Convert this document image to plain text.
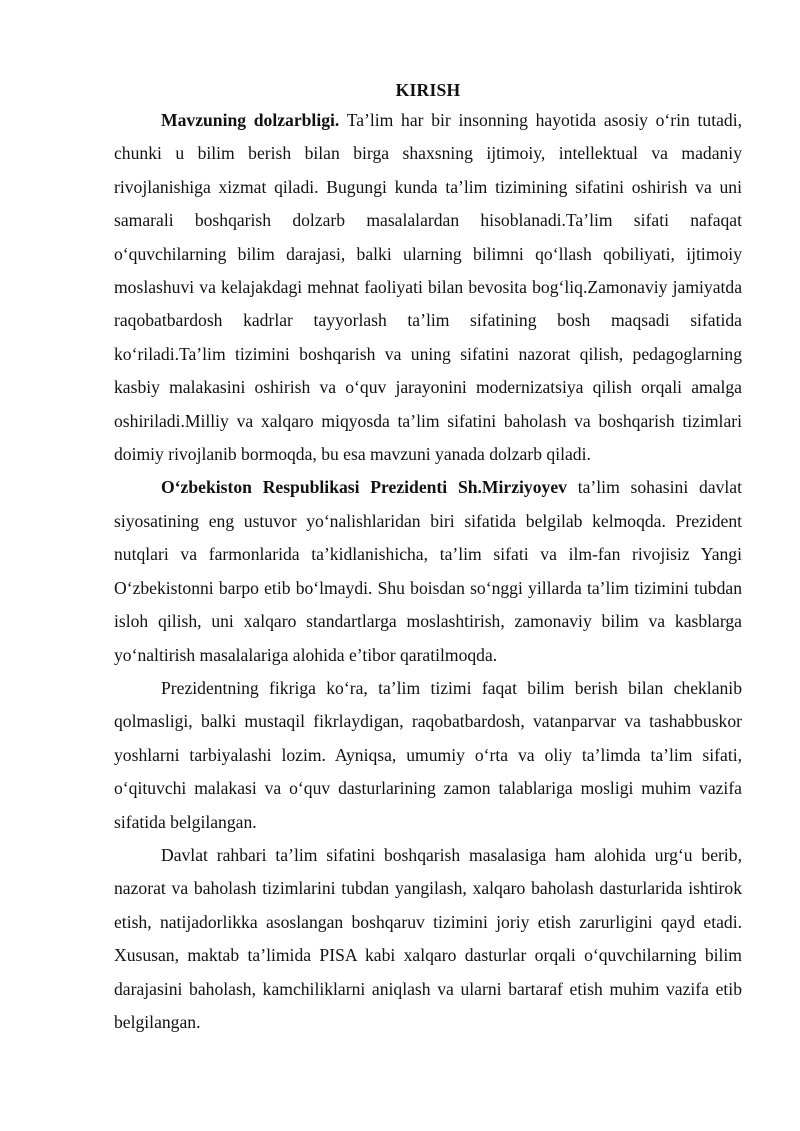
KIRISH

Mavzuning dolzarbligi. Ta’lim har bir insonning hayotida asosiy o‘rin tutadi, chunki u bilim berish bilan birga shaxsning ijtimoiy, intellektual va madaniy rivojlanishiga xizmat qiladi. Bugungi kunda ta’lim tizimining sifatini oshirish va uni samarali boshqarish dolzarb masalalardan hisoblanadi.Ta’lim sifati nafaqat o‘quvchilarning bilim darajasi, balki ularning bilimni qo‘llash qobiliyati, ijtimoiy moslashuvi va kelajakdagi mehnat faoliyati bilan bevosita bog‘liq.Zamonaviy jamiyatda raqobatbardosh kadrlar tayyorlash ta’lim sifatining bosh maqsadi sifatida ko‘riladi.Ta’lim tizimini boshqarish va uning sifatini nazorat qilish, pedagoglarning kasbiy malakasini oshirish va o‘quv jarayonini modernizatsiya qilish orqali amalga oshiriladi.Milliy va xalqaro miqyosda ta’lim sifatini baholash va boshqarish tizimlari doimiy rivojlanib bormoqda, bu esa mavzuni yanada dolzarb qiladi.

O‘zbekiston Respublikasi Prezidenti Sh.Mirziyoyev ta’lim sohasini davlat siyosatining eng ustuvor yo‘nalishlaridan biri sifatida belgilab kelmoqda. Prezident nutqlari va farmonlarida ta’kidlanishicha, ta’lim sifati va ilm-fan rivojisiz Yangi O‘zbekistonni barpo etib bo‘lmaydi. Shu boisdan so‘nggi yillarda ta’lim tizimini tubdan isloh qilish, uni xalqaro standartlarga moslashtirish, zamonaviy bilim va kasblarga yo‘naltirish masalalariga alohida e’tibor qaratilmoqda.

Prezidentning fikriga ko‘ra, ta’lim tizimi faqat bilim berish bilan cheklanib qolmasligi, balki mustaqil fikrlaydigan, raqobatbardosh, vatanparvar va tashabbuskor yoshlarni tarbiyalashi lozim. Ayniqsa, umumiy o‘rta va oliy ta’limda ta’lim sifati, o‘qituvchi malakasi va o‘quv dasturlarining zamon talablariga mosligi muhim vazifa sifatida belgilangan.

Davlat rahbari ta’lim sifatini boshqarish masalasiga ham alohida urg‘u berib, nazorat va baholash tizimlarini tubdan yangilash, xalqaro baholash dasturlarida ishtirok etish, natijadorlikka asoslangan boshqaruv tizimini joriy etish zarurligini qayd etadi. Xususan, maktab ta’limida PISA kabi xalqaro dasturlar orqali o‘quvchilarning bilim darajasini baholash, kamchiliklarni aniqlash va ularni bartaraf etish muhim vazifa etib belgilangan.
